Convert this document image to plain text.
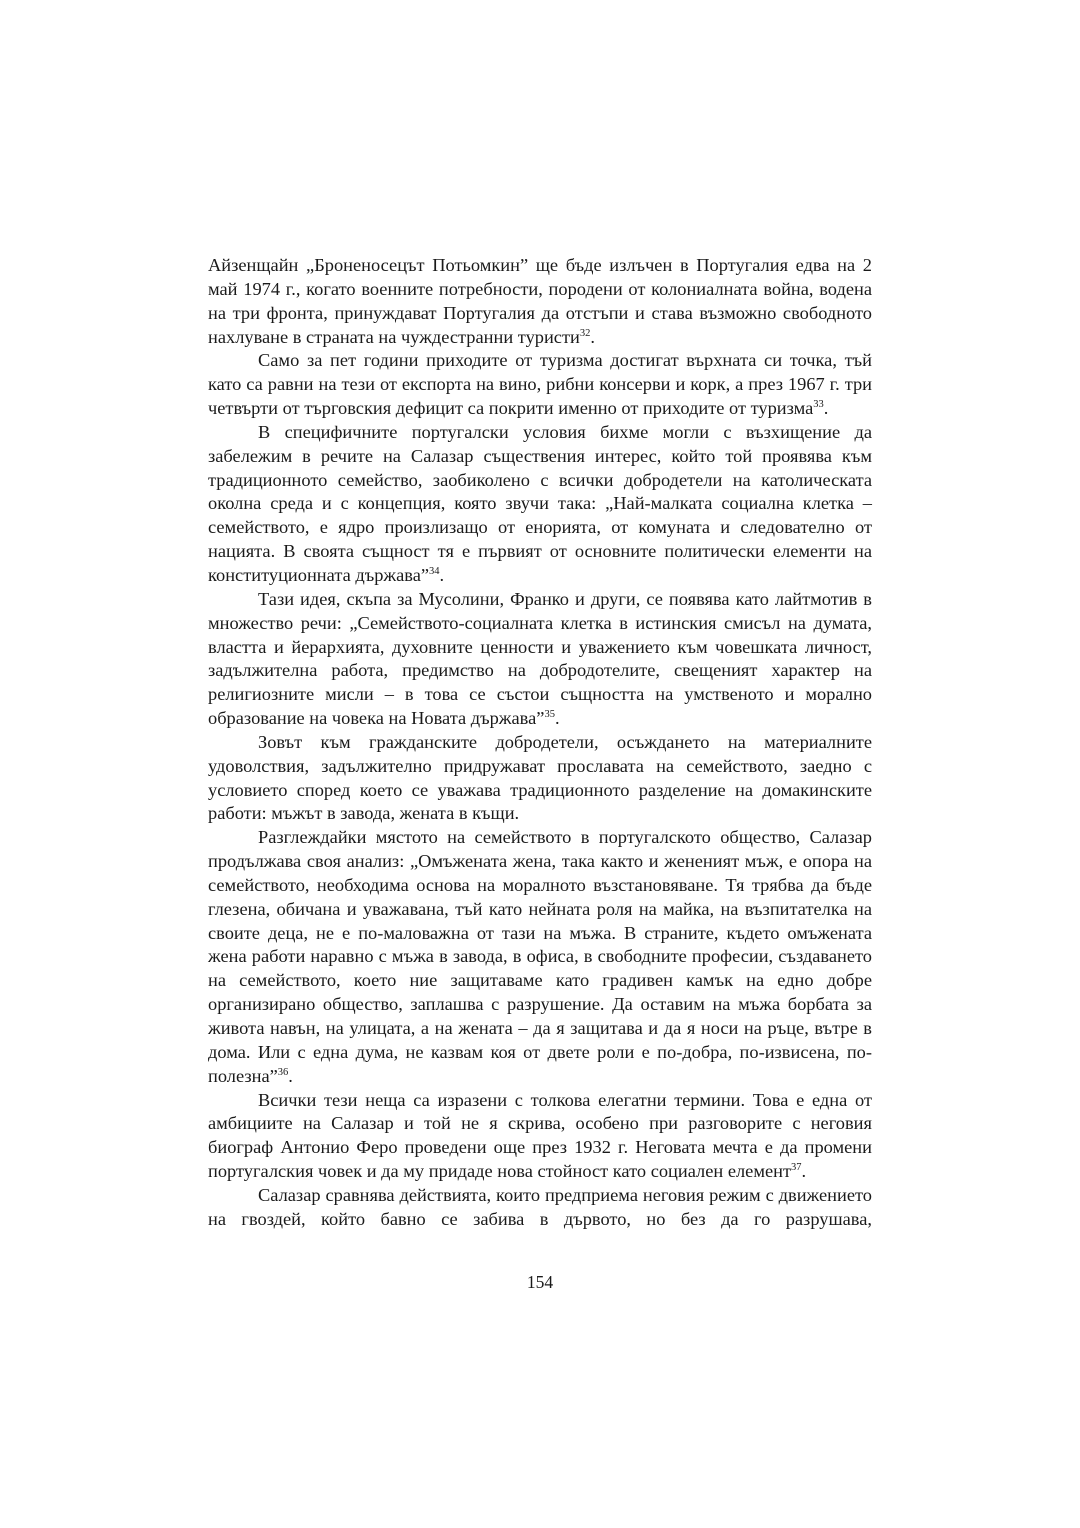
Айзенщайн „Броненосецът Потьомкин” ще бъде излъчен в Португалия едва на 2 май 1974 г., когато военните потребности, породени от колониалната война, водена на три фронта, принуждават Португалия да отстъпи и става възможно свободното нахлуване в страната на чуждестранни туристи$^{32}$.

Само за пет години приходите от туризма достигат върхната си точка, тъй като са равни на тези от експорта на вино, рибни консерви и корк, а през 1967 г. три четвърти от търговския дефицит са покрити именно от приходите от туризма$^{33}$.

В специфичните португалски условия бихме могли с възхищение да забележим в речите на Салазар съществения интерес, който той проявява към традиционното семейство, заобиколено с всички добродетели на католическата околна среда и с концепция, която звучи така: „Най-малката социална клетка – семейството, е ядро произлизащо от енорията, от комуната и следователно от нацията. В своята същност тя е първият от основните политически елементи на конституционната държава”$^{34}$.

Тази идея, скъпа за Мусолини, Франко и други, се появява като лайтмотив в множество речи: „Семейството-социалната клетка в истинския смисъл на думата, властта и йерархията, духовните ценности и уважението към човешката личност, задължителна работа, предимство на добродотелите, свещеният характер на религиозните мисли – в това се състои същността на умственото и морално образование на човека на Новата държава”$^{35}$.

Зовът към гражданските добродетели, осъждането на материалните удоволствия, задължително придружават прославата на семейството, заедно с условието според което се уважава традиционното разделение на домакинските работи: мъжът в завода, жената в къщи.

Разглеждайки мястото на семейството в португалското общество, Салазар продължава своя анализ: „Омъжената жена, така както и жененият мъж, е опора на семейството, необходима основа на моралното възстановяване. Тя трябва да бъде глезена, обичана и уважавана, тъй като нейната роля на майка, на възпитателка на своите деца, не е по-маловажна от тази на мъжа. В страните, където омъжената жена работи наравно с мъжа в завода, в офиса, в свободните професии, създаването на семейството, което ние защитаваме като градивен камък на едно добре организирано общество, заплашва с разрушение. Да оставим на мъжа борбата за живота навън, на улицата, а на жената – да я защитава и да я носи на ръце, вътре в дома. Или с една дума, не казвам коя от двете роли е по-добра, по-извисена, по-полезна”$^{36}$.

Всички тези неща са изразени с толкова елегатни термини. Това е една от амбициите на Салазар и той не я скрива, особено при разговорите с неговия биограф Антонио Феро проведени още през 1932 г. Неговата мечта е да промени португалския човек и да му придаде нова стойност като социален елемент$^{37}$.

Салазар сравнява действията, които предприема неговия режим с движението на гвоздей, който бавно се забива в дървото, но без да го разрушава,

154
